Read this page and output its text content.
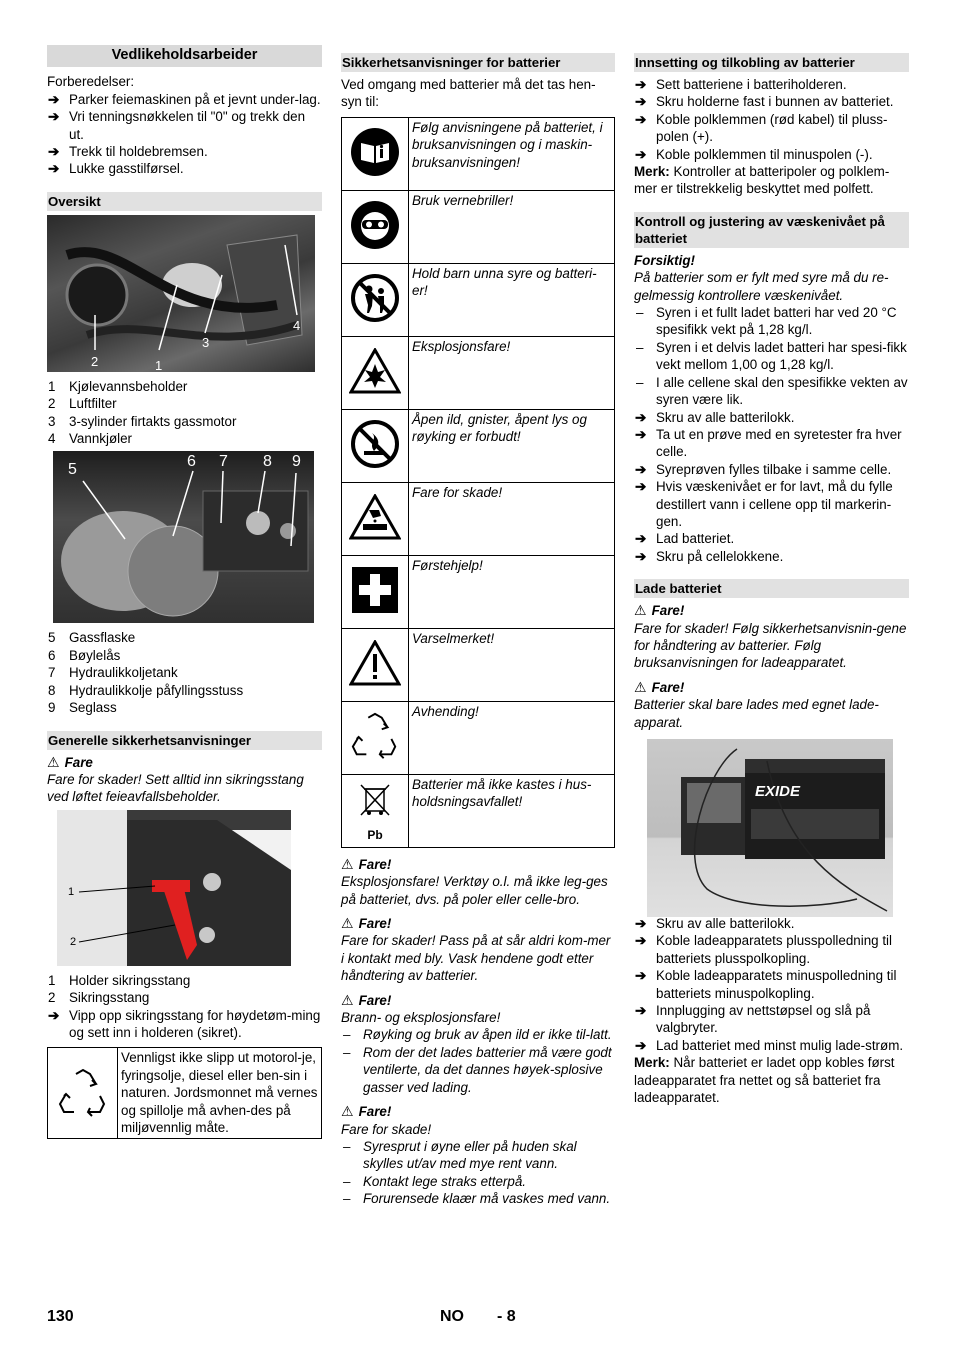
Vedlikeholdsarbeider

Forberedelser:

➔ Parker feiemaskinen på et jevnt under-lag.

➔ Vri tenningsnøkkelen til "0" og trekk den ut.

➔ Trekk til holdebremsen.

➔ Lukke gasstilførsel.

Oversikt
2	1
3
4

1 Kjølevannsbeholder

2 Luftfilter

3 3-sylinder firtakts gassmotor

4 Vannkjøler

5	6 7 8 9

5 Gassflaske

6 Bøylelås

7 Hydraulikkoljetank

8 Hydraulikkolje påfyllingsstuss

9 Seglass

Generelle sikkerhetsanvisninger

⚠ Fare

Fare for skader! Sett alltid inn sikringsstang ved løftet feieavfallsbeholder.

1
2

1 Holder sikringsstang

2 Sikringsstang

➔ Vipp opp sikringsstang for høydetøm-ming og sett inn i holderen (sikret).

Vennligst ikke slipp ut motorol-je, fyringsolje, diesel eller ben-sin i naturen. Jordsmonnet må vernes og spillolje må avhen-des på miljøvennlig måte.
Sikkerhetsanvisninger for batterier

Ved omgang med batterier må det tas hen-syn til:

	Følg anvisningene på batteriet, i bruksanvisningen og i maskin-bruksanvisningen!
	Bruk vernebriller!
	Hold barn unna syre og batteri-er!
	Eksplosjonsfare!
	Åpen ild, gnister, åpent lys og røyking er forbudt!
	Fare for skade!
	Førstehjelp!
	Varselmerket!
	Avhending!

Pb	Batterier må ikke kastes i hus-holdsningsavfallet!

⚠ Fare!

Eksplosjonsfare! Verktøy o.l. må ikke leg-ges på batteriet, dvs. på poler eller celle-bro.

⚠ Fare!

Fare for skader! Pass på at sår aldri kom-mer i kontakt med bly. Vask hendene godt etter håndtering av batterier.

⚠ Fare!

Brann- og eksplosjonsfare!

– Røyking og bruk av åpen ild er ikke til-latt.

– Rom der det lades batterier må være godt ventilerte, da det dannes høyek-splosive gasser ved lading.

⚠ Fare!

Fare for skade!

– Syresprut i øyne eller på huden skal skylles ut/av med mye rent vann.

– Kontakt lege straks etterpå.

– Forurensede klaær må vaskes med vann.

Innsetting og tilkobling av batterier

➔ Sett batteriene i batteriholderen.

➔ Skru holderne fast i bunnen av batteriet.

➔ Koble polklemmen (rød kabel) til pluss-polen (+).

➔ Koble polklemmen til minuspolen (-).

Merk: Kontroller at batteripoler og polklem-mer er tilstrekkelig beskyttet med polfett.

Kontroll og justering av væskenivået på batteriet

Forsiktig!

På batterier som er fylt med syre må du re-gelmessig kontrollere væskenivået.

– Syren i et fullt ladet batteri har ved 20 °C spesifikk vekt på 1,28 kg/l.

– Syren i et delvis ladet batteri har spesi-fikk vekt mellom 1,00 og 1,28 kg/l.

– I alle cellene skal den spesifikke vekten av syren være lik.

➔ Skru av alle batterilokk.

➔ Ta ut en prøve med en syretester fra hver celle.

➔ Syreprøven fylles tilbake i samme celle.

➔ Hvis væskenivået er for lavt, må du fylle destillert vann i cellene opp til markerin-gen.

➔ Lad batteriet.

➔ Skru på cellelokkene.

Lade batteriet

⚠ Fare!

Fare for skader! Følg sikkerhetsanvisnin-gene for håndtering av batterier. Følg bruksanvisningen for ladeapparatet.

⚠ Fare!

Batterier skal bare lades med egnet lade-apparat.

EXIDE

➔ Skru av alle batterilokk.

➔ Koble ladeapparatets plusspolledning til batteriets plusspolkopling.

➔ Koble ladeapparatets minuspolledning til batteriets minuspolkopling.

➔ Innplugging av nettstøpsel og slå på valgbryter.

➔ Lad batteriet med minst mulig lade-strøm.

Merk: Når batteriet er ladet opp kobles først ladeapparatet fra nettet og så batteriet fra ladeapparatet.

130	NO - 8
